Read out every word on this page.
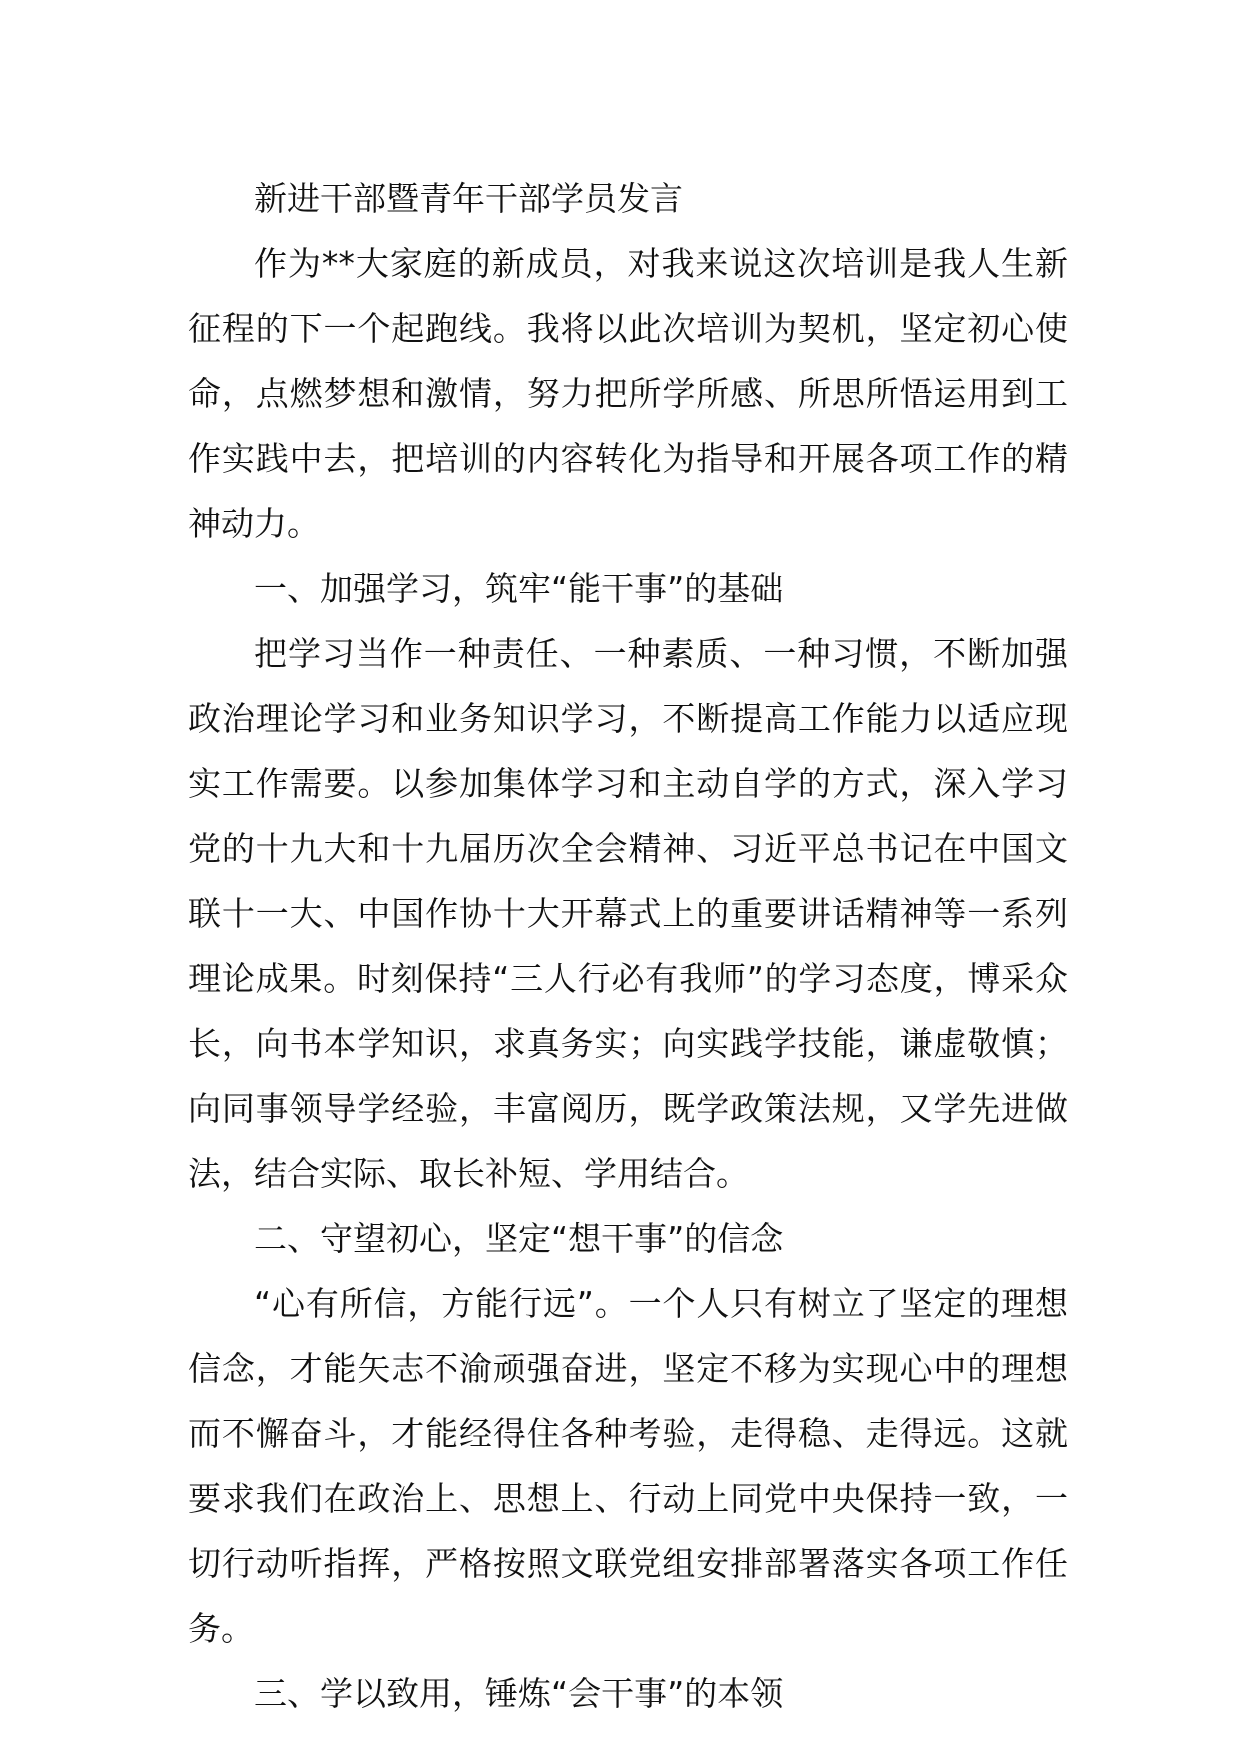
新进干部暨青年干部学员发言

作为**大家庭的新成员，对我来说这次培训是我人生新征程的下一个起跑线。我将以此次培训为契机，坚定初心使命，点燃梦想和激情，努力把所学所感、所思所悟运用到工作实践中去，把培训的内容转化为指导和开展各项工作的精神动力。

一、加强学习，筑牢“能干事”的基础

把学习当作一种责任、一种素质、一种习惯，不断加强政治理论学习和业务知识学习，不断提高工作能力以适应现实工作需要。以参加集体学习和主动自学的方式，深入学习党的十九大和十九届历次全会精神、习近平总书记在中国文联十一大、中国作协十大开幕式上的重要讲话精神等一系列理论成果。时刻保持“三人行必有我师”的学习态度，博采众长，向书本学知识，求真务实；向实践学技能，谦虚敬慎；向同事领导学经验，丰富阅历，既学政策法规，又学先进做法，结合实际、取长补短、学用结合。

二、守望初心，坚定“想干事”的信念

“心有所信，方能行远”。一个人只有树立了坚定的理想信念，才能矢志不渝顽强奋进，坚定不移为实现心中的理想而不懈奋斗，才能经得住各种考验，走得稳、走得远。这就要求我们在政治上、思想上、行动上同党中央保持一致，一切行动听指挥，严格按照文联党组安排部署落实各项工作任务。

三、学以致用，锤炼“会干事”的本领
